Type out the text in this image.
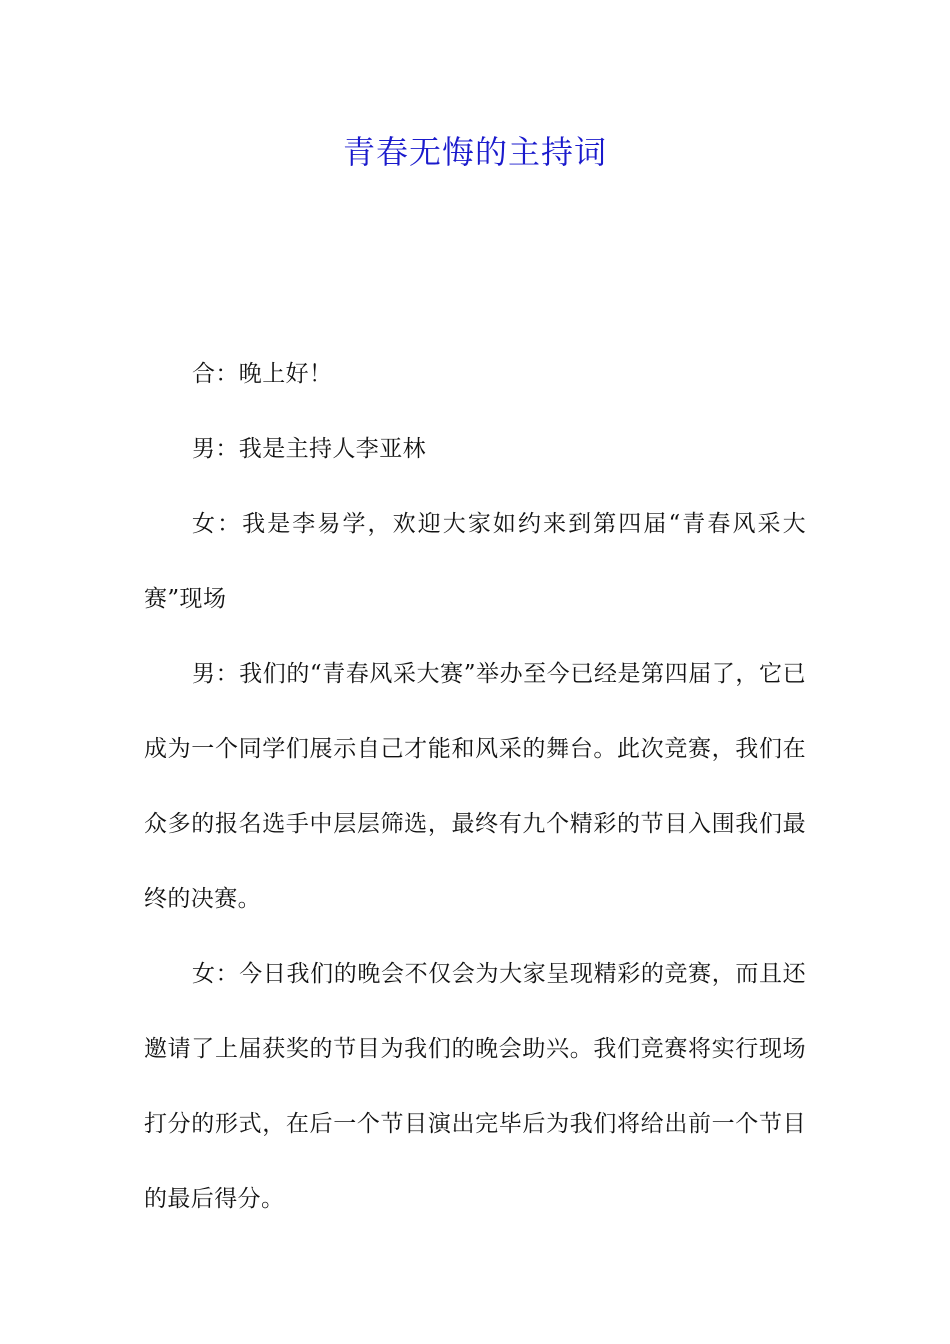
青春无悔的主持词

合：晚上好！

男：我是主持人李亚林

女：我是李易学，欢迎大家如约来到第四届“青春风采大赛”现场

男：我们的“青春风采大赛”举办至今已经是第四届了，它已成为一个同学们展示自己才能和风采的舞台。此次竞赛，我们在众多的报名选手中层层筛选，最终有九个精彩的节目入围我们最终的决赛。

女：今日我们的晚会不仅会为大家呈现精彩的竞赛，而且还邀请了上届获奖的节目为我们的晚会助兴。我们竞赛将实行现场打分的形式，在后一个节目演出完毕后为我们将给出前一个节目的最后得分。
